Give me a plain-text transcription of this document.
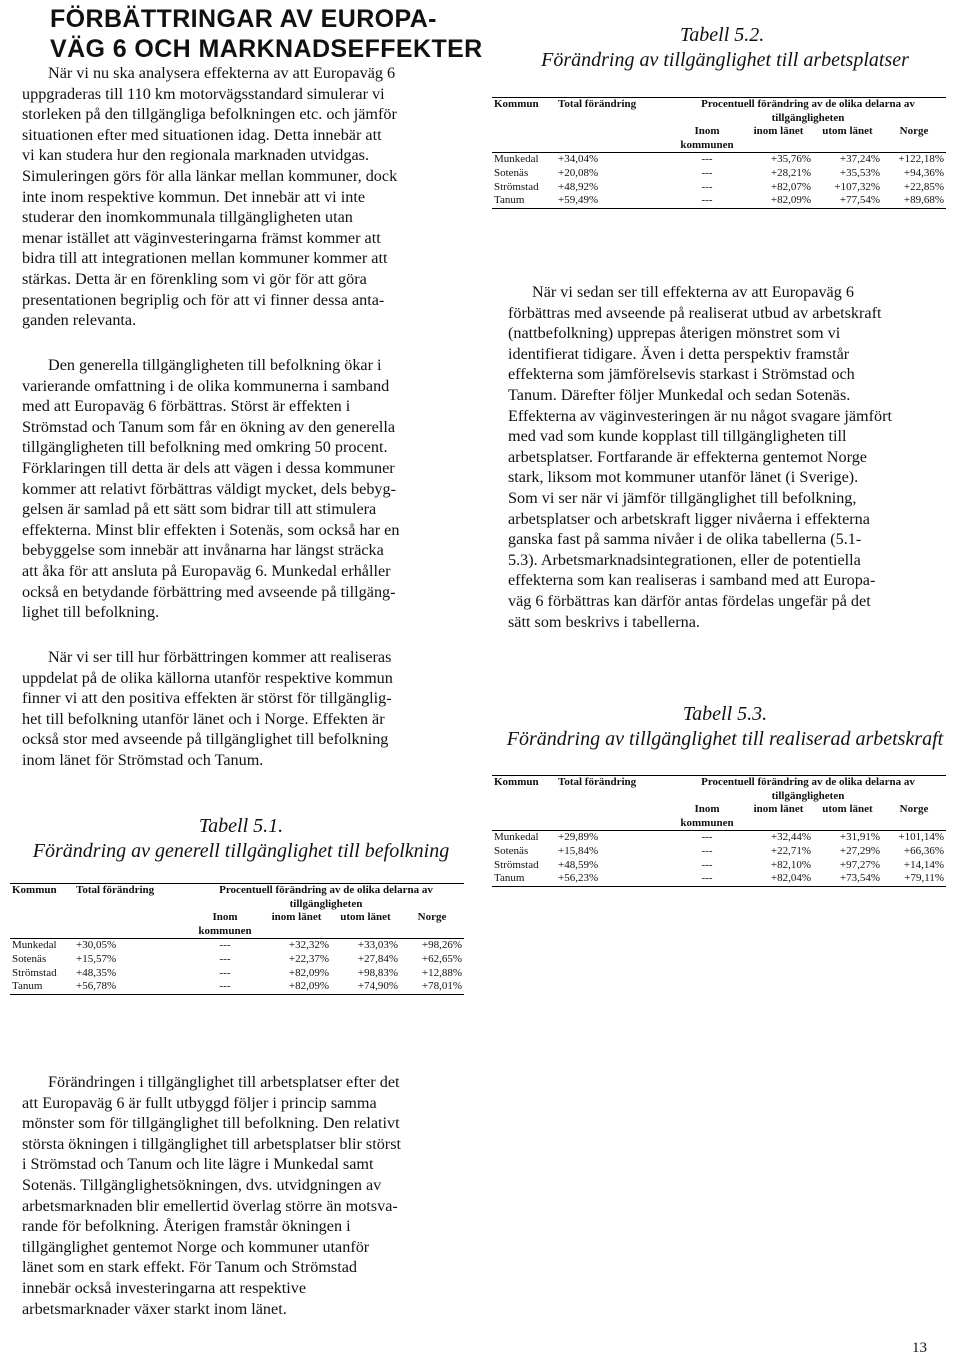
FÖRBÄTTRINGAR AV EUROPA-
VÄG 6 OCH MARKNADSEFFEKTER
När vi nu ska analysera effekterna av att Europaväg 6
uppgraderas till 110 km motorvägsstandard simulerar vi
storleken på den tillgängliga befolkningen etc. och jämför
situationen efter med situationen idag. Detta innebär att
vi kan studera hur den regionala marknaden utvidgas.
Simuleringen görs för alla länkar mellan kommuner, dock
inte inom respektive kommun. Det innebär att vi inte
studerar den inomkommunala tillgängligheten utan
menar istället att väginvesteringarna främst kommer att
bidra till att integrationen mellan kommuner kommer att
stärkas. Detta är en förenkling som vi gör för att göra
presentationen begriplig och för att vi finner dessa anta-
ganden relevanta.
Den generella tillgängligheten till befolkning ökar i
varierande omfattning i de olika kommunerna i samband
med att Europaväg 6 förbättras. Störst är effekten i
Strömstad och Tanum som får en ökning av den generella
tillgängligheten till befolkning med omkring 50 procent.
Förklaringen till detta är dels att vägen i dessa kommuner
kommer att relativt förbättras väldigt mycket, dels bebyg-
gelsen är samlad på ett sätt som bidrar till att stimulera
effekterna. Minst blir effekten i Sotenäs, som också har en
bebyggelse som innebär att invånarna har längst sträcka
att åka för att ansluta på Europaväg 6. Munkedal erhåller
också en betydande förbättring med avseende på tillgäng-
lighet till befolkning.
När vi ser till hur förbättringen kommer att realiseras
uppdelat på de olika källorna utanför respektive kommun
finner vi att den positiva effekten är störst för tillgänglig-
het till befolkning utanför länet och i Norge. Effekten är
också stor med avseende på tillgänglighet till befolkning
inom länet för Strömstad och Tanum.
Tabell 5.1.
Förändring av generell tillgänglighet till befolkning
Kommun	Total förändring	Procentuell förändring av de olika delarna av
tillgängligheten			
		Inom
kommunen	inom länet	utom länet	Norge
Munkedal	+30,05%	---	+32,32%	+33,03%	+98,26%
Sotenäs	+15,57%	---	+22,37%	+27,84%	+62,65%
Strömstad	+48,35%	---	+82,09%	+98,83%	+12,88%
Tanum	+56,78%	---	+82,09%	+74,90%	+78,01%
Förändringen i tillgänglighet till arbetsplatser efter det
att Europaväg 6 är fullt utbyggd följer i princip samma
mönster som för tillgänglighet till befolkning. Den relativt
största ökningen i tillgänglighet till arbetsplatser blir störst
i Strömstad och Tanum och lite lägre i Munkedal samt
Sotenäs. Tillgänglighetsökningen, dvs. utvidgningen av
arbetsmarknaden blir emellertid överlag större än motsva-
rande för befolkning. Återigen framstår ökningen i
tillgänglighet gentemot Norge och kommuner utanför
länet som en stark effekt. För Tanum och Strömstad
innebär också investeringarna att respektive
arbetsmarknader växer starkt inom länet.
Tabell 5.2.
Förändring av tillgänglighet till arbetsplatser
Kommun	Total förändring	Procentuell förändring av de olika delarna av
tillgängligheten			
		Inom
kommunen	inom länet	utom länet	Norge
Munkedal	+34,04%	---	+35,76%	+37,24%	+122,18%
Sotenäs	+20,08%	---	+28,21%	+35,53%	+94,36%
Strömstad	+48,92%	---	+82,07%	+107,32%	+22,85%
Tanum	+59,49%	---	+82,09%	+77,54%	+89,68%
När vi sedan ser till effekterna av att Europaväg 6
förbättras med avseende på realiserat utbud av arbetskraft
(nattbefolkning) upprepas återigen mönstret som vi
identifierat tidigare. Även i detta perspektiv framstår
effekterna som jämförelsevis starkast i Strömstad och
Tanum. Därefter följer Munkedal och sedan Sotenäs.
Effekterna av väginvesteringen är nu något svagare jämfört
med vad som kunde kopplast till tillgängligheten till
arbetsplatser. Fortfarande är effekterna gentemot Norge
stark, liksom mot kommuner utanför länet (i Sverige).
Som vi ser när vi jämför tillgänglighet till befolkning,
arbetsplatser och arbetskraft ligger nivåerna i effekterna
ganska fast på samma nivåer i de olika tabellerna (5.1-
5.3). Arbetsmarknadsintegrationen, eller de potentiella
effekterna som kan realiseras i samband med att Europa-
väg 6 förbättras kan därför antas fördelas ungefär på det
sätt som beskrivs i tabellerna.
Tabell 5.3.
Förändring av tillgänglighet till realiserad arbetskraft
Kommun	Total förändring	Procentuell förändring av de olika delarna av
tillgängligheten			
		Inom
kommunen	inom länet	utom länet	Norge
Munkedal	+29,89%	---	+32,44%	+31,91%	+101,14%
Sotenäs	+15,84%	---	+22,71%	+27,29%	+66,36%
Strömstad	+48,59%	---	+82,10%	+97,27%	+14,14%
Tanum	+56,23%	---	+82,04%	+73,54%	+79,11%
13
